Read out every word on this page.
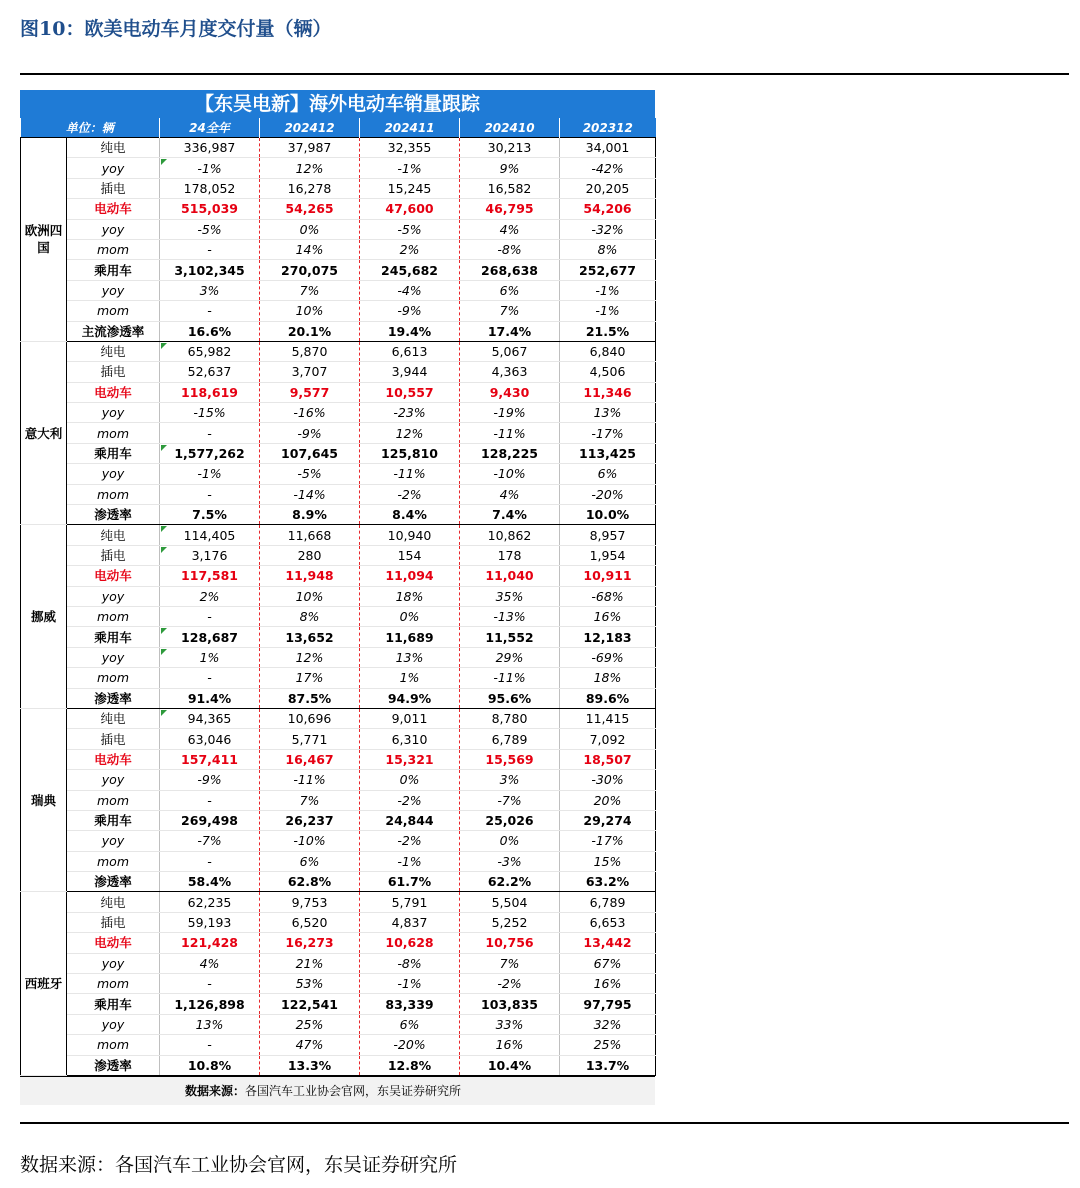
图10：欧美电动车月度交付量（辆）
【东吴电新】海外电动车销量跟踪
单位：辆		24全年	202412	202411	202410	202312
欧洲四国	纯电	336,987	37,987	32,355	30,213	34,001
	yoy	-1%	12%	-1%	9%	-42%
	插电	178,052	16,278	15,245	16,582	20,205
	电动车	515,039	54,265	47,600	46,795	54,206
	yoy	-5%	0%	-5%	4%	-32%
	mom	-	14%	2%	-8%	8%
	乘用车	3,102,345	270,075	245,682	268,638	252,677
	yoy	3%	7%	-4%	6%	-1%
	mom	-	10%	-9%	7%	-1%
	主流渗透率	16.6%	20.1%	19.4%	17.4%	21.5%
意大利	纯电	65,982	5,870	6,613	5,067	6,840
	插电	52,637	3,707	3,944	4,363	4,506
	电动车	118,619	9,577	10,557	9,430	11,346
	yoy	-15%	-16%	-23%	-19%	13%
	mom	-	-9%	12%	-11%	-17%
	乘用车	1,577,262	107,645	125,810	128,225	113,425
	yoy	-1%	-5%	-11%	-10%	6%
	mom	-	-14%	-2%	4%	-20%
	渗透率	7.5%	8.9%	8.4%	7.4%	10.0%
挪威	纯电	114,405	11,668	10,940	10,862	8,957
	插电	3,176	280	154	178	1,954
	电动车	117,581	11,948	11,094	11,040	10,911
	yoy	2%	10%	18%	35%	-68%
	mom	-	8%	0%	-13%	16%
	乘用车	128,687	13,652	11,689	11,552	12,183
	yoy	1%	12%	13%	29%	-69%
	mom	-	17%	1%	-11%	18%
	渗透率	91.4%	87.5%	94.9%	95.6%	89.6%
瑞典	纯电	94,365	10,696	9,011	8,780	11,415
	插电	63,046	5,771	6,310	6,789	7,092
	电动车	157,411	16,467	15,321	15,569	18,507
	yoy	-9%	-11%	0%	3%	-30%
	mom	-	7%	-2%	-7%	20%
	乘用车	269,498	26,237	24,844	25,026	29,274
	yoy	-7%	-10%	-2%	0%	-17%
	mom	-	6%	-1%	-3%	15%
	渗透率	58.4%	62.8%	61.7%	62.2%	63.2%
西班牙	纯电	62,235	9,753	5,791	5,504	6,789
	插电	59,193	6,520	4,837	5,252	6,653
	电动车	121,428	16,273	10,628	10,756	13,442
	yoy	4%	21%	-8%	7%	67%
	mom	-	53%	-1%	-2%	16%
	乘用车	1,126,898	122,541	83,339	103,835	97,795
	yoy	13%	25%	6%	33%	32%
	mom	-	47%	-20%	16%	25%
	渗透率	10.8%	13.3%	12.8%	10.4%	13.7%
数据来源：各国汽车工业协会官网，东吴证券研究所
数据来源：各国汽车工业协会官网，东吴证券研究所
